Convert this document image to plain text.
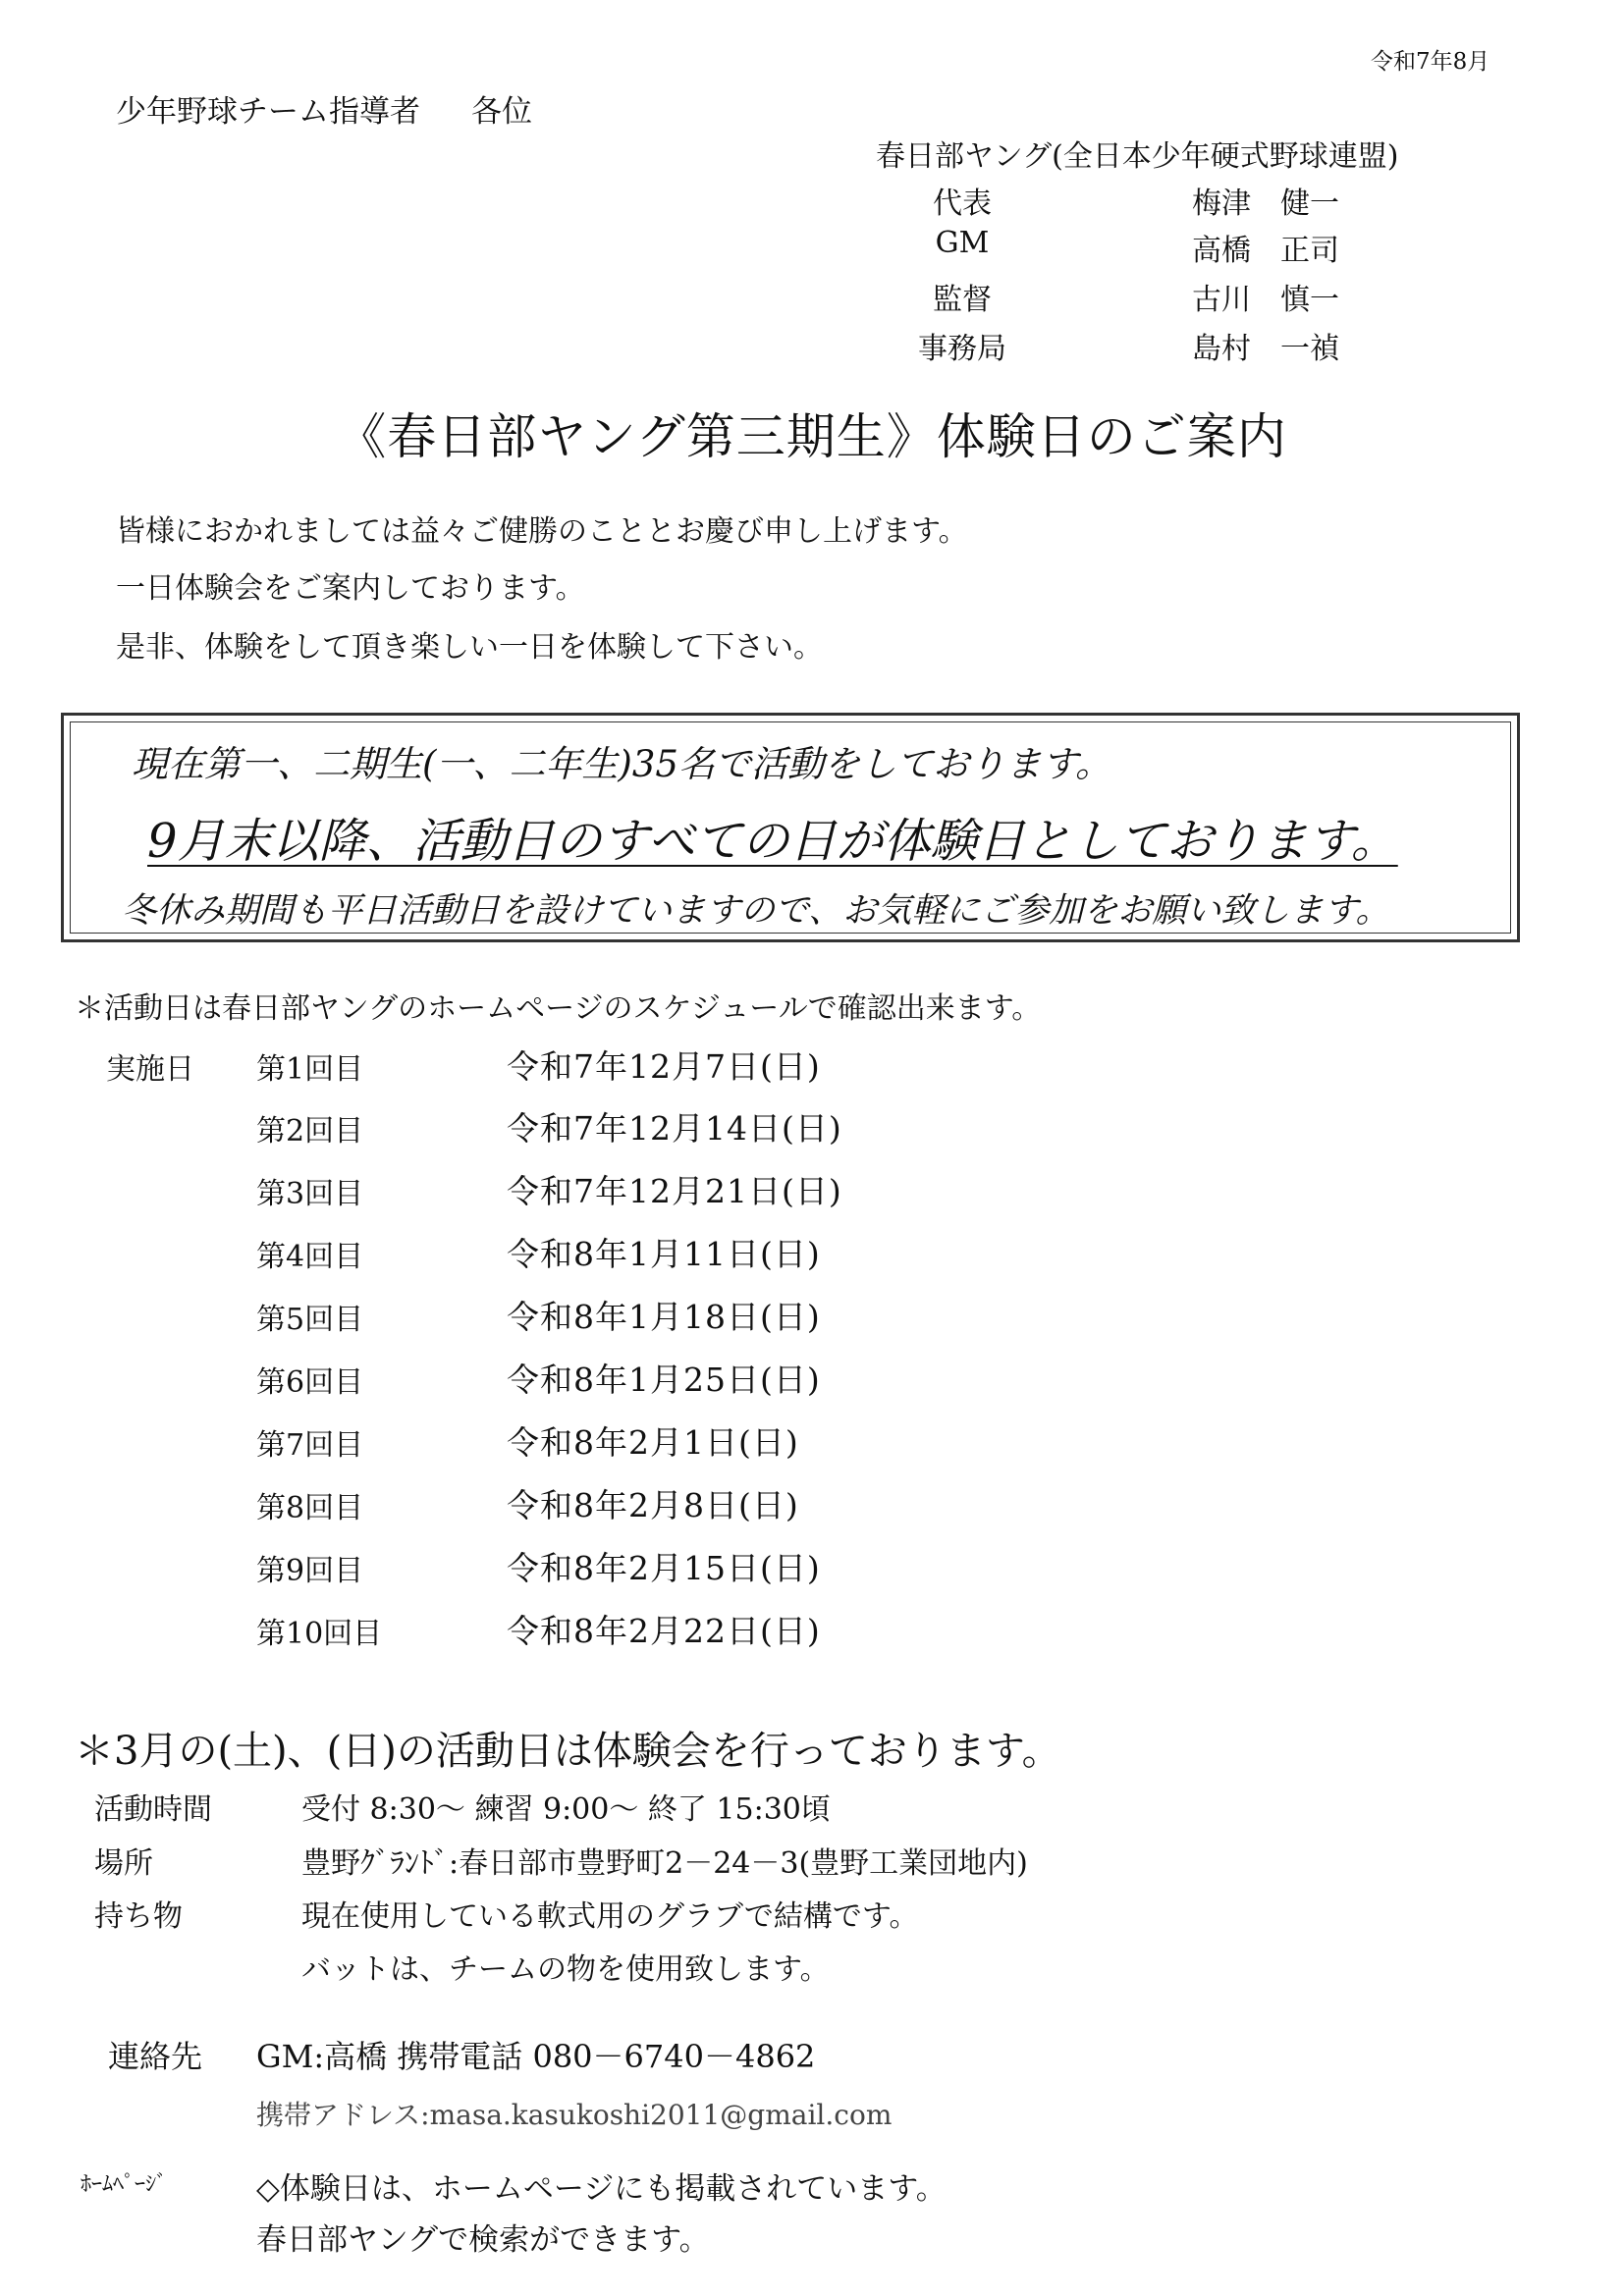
令和7年8月
少年野球チーム指導者 各位
春日部ヤング(全日本少年硬式野球連盟)
代表	梅津　健一
GM	高橋　正司
監督	古川　慎一
事務局	島村　一禎
《春日部ヤング第三期生》体験日のご案内
皆様におかれましては益々ご健勝のこととお慶び申し上げます。
一日体験会をご案内しております。
是非、体験をして頂き楽しい一日を体験して下さい。
現在第一、二期生(一、二年生)35名で活動をしております。
9月末以降、活動日のすべての日が体験日としております。
冬休み期間も平日活動日を設けていますので、お気軽にご参加をお願い致します。
＊活動日は春日部ヤングのホームページのスケジュールで確認出来ます。
実施日 第1回目	令和7年12月7日(日)
第2回目	令和7年12月14日(日)
第3回目	令和7年12月21日(日)
第4回目	令和8年1月11日(日)
第5回目	令和8年1月18日(日)
第6回目	令和8年1月25日(日)
第7回目	令和8年2月1日(日)
第8回目	令和8年2月8日(日)
第9回目	令和8年2月15日(日)
第10回目	令和8年2月22日(日)
＊3月の(土)、(日)の活動日は体験会を行っております。
活動時間	受付 8:30～ 練習 9:00～ 終了 15:30頃
場所	豊野ｸﾞﾗﾝﾄﾞ:春日部市豊野町2－24－3(豊野工業団地内)
持ち物	現在使用している軟式用のグラブで結構です。
バットは、チームの物を使用致します。
連絡先 GM:高橋 携帯電話 080－6740－4862
携帯アドレス:masa.kasukoshi2011@gmail.com
ﾎｰﾑﾍﾟｰｼﾞ	◇体験日は、ホームページにも掲載されています。
春日部ヤングで検索ができます。
